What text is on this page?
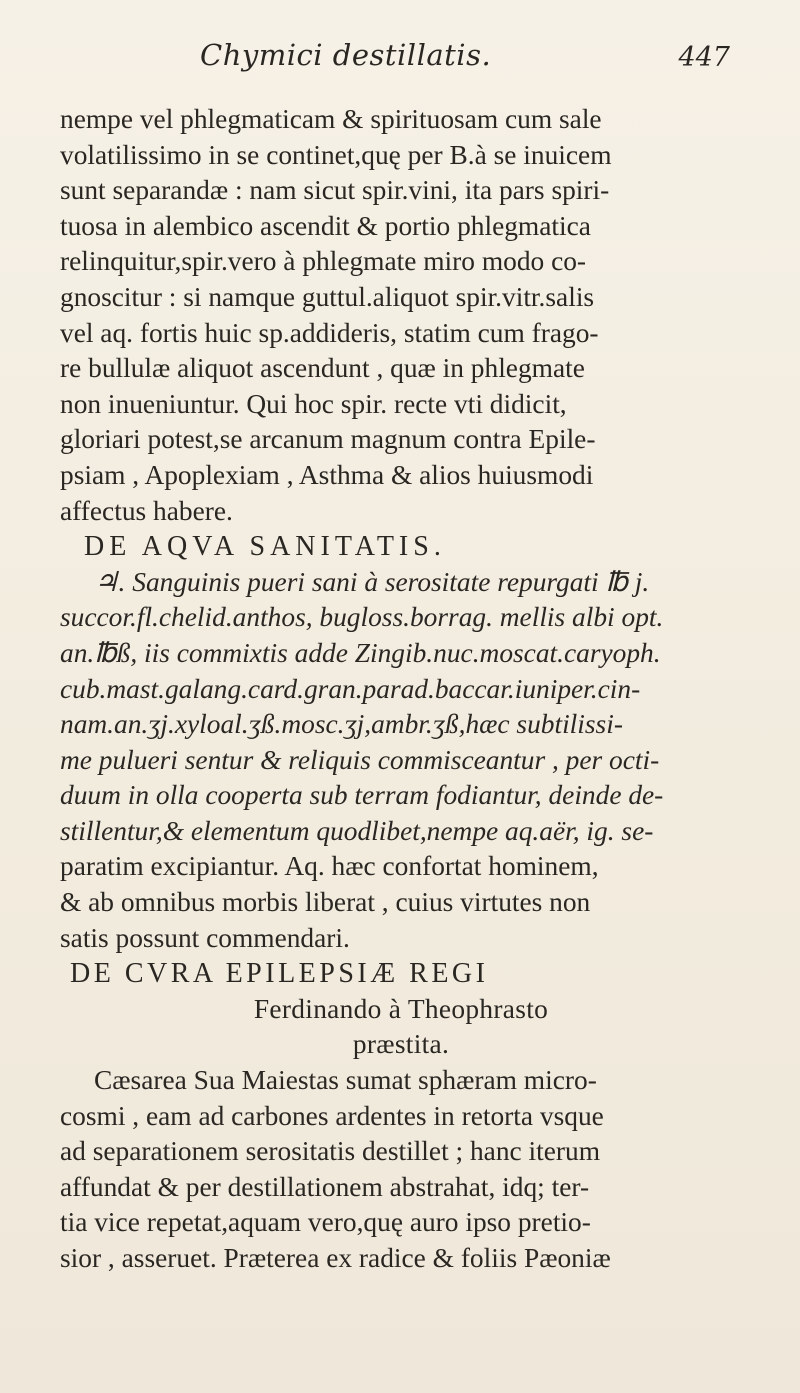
Chymici destillatis.	447
nempe vel phlegmaticam & spirituosam cum sale
volatilissimo in se continet,quę per B.à se inuicem
sunt separandæ : nam sicut spir.vini, ita pars spiri-
tuosa in alembico ascendit & portio phlegmatica
relinquitur,spir.vero à phlegmate miro modo co-
gnoscitur : si namque guttul.aliquot spir.vitr.salis
vel aq. fortis huic sp.addideris, statim cum frago-
re bullulæ aliquot ascendunt , quæ in phlegmate
non inueniuntur. Qui hoc spir. recte vti didicit,
gloriari potest,se arcanum magnum contra Epile-
psiam , Apoplexiam , Asthma & alios huiusmodi
affectus habere.
DE AQVA SANITATIS.
♃. Sanguinis pueri sani à serositate repurgati ℔ j.
succor.fl.chelid.anthos, bugloss.borrag. mellis albi opt.
an.℔ß, iis commixtis adde Zingib.nuc.moscat.caryoph.
cub.mast.galang.card.gran.parad.baccar.iuniper.cin-
nam.an.ʒj.xyloal.ʒß.mosc.ʒj,ambr.ʒß,hæc subtilissi-
me pulueri sentur & reliquis commisceantur , per octi-
duum in olla cooperta sub terram fodiantur, deinde de-
stillentur,& elementum quodlibet,nempe aq.aër, ig. se-
paratim excipiantur. Aq. hæc confortat hominem,
& ab omnibus morbis liberat , cuius virtutes non
satis possunt commendari.
DE CVRA EPILEPSIÆ REGI
Ferdinando à Theophrasto
præstita.
Cæsarea Sua Maiestas sumat sphæram micro-
cosmi , eam ad carbones ardentes in retorta vsque
ad separationem serositatis destillet ; hanc iterum
affundat & per destillationem abstrahat, idq; ter-
tia vice repetat,aquam vero,quę auro ipso pretio-
sior , asseruet. Præterea ex radice & foliis Pæoniæ
